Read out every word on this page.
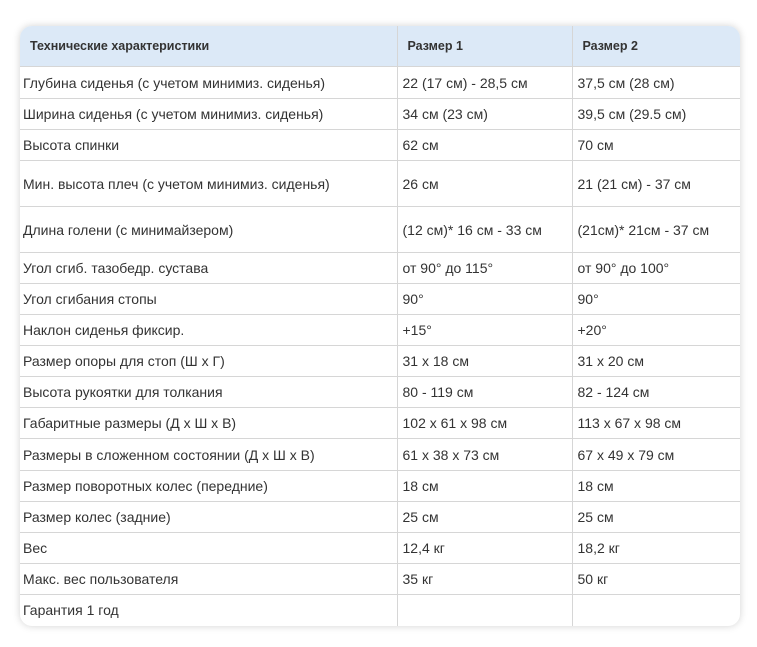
Технические характеристики	Размер 1	Размер 2
Глубина сиденья (с учетом минимиз. сиденья)	22 (17 см) - 28,5 см	37,5 см (28 см)
Ширина сиденья (с учетом минимиз. сиденья)	34 см (23 см)	39,5 см (29.5 см)
Высота спинки	62 см	70 см
Мин. высота плеч (с учетом минимиз. сиденья)	26 см	21 (21 см) - 37 см
Длина голени (с минимайзером)	(12 см)* 16 см - 33 см	(21см)* 21см - 37 см
Угол сгиб. тазобедр. сустава	от 90° до 115°	от 90° до 100°
Угол сгибания стопы	90°	90°
Наклон сиденья фиксир.	+15°	+20°
Размер опоры для стоп (Ш х Г)	31 х 18 см	31 х 20 см
Высота рукоятки для толкания	80 - 119 см	82 - 124 см
Габаритные размеры (Д х Ш х В)	102 х 61 х 98 см	113 х 67 х 98 см
Размеры в сложенном состоянии (Д х Ш х В)	61 х 38 х 73 см	67 х 49 х 79 см
Размер поворотных колес (передние)	18 см	18 см
Размер колес (задние)	25 см	25 см
Вес	12,4 кг	18,2 кг
Макс. вес пользователя	35 кг	50 кг
Гарантия 1 год		
